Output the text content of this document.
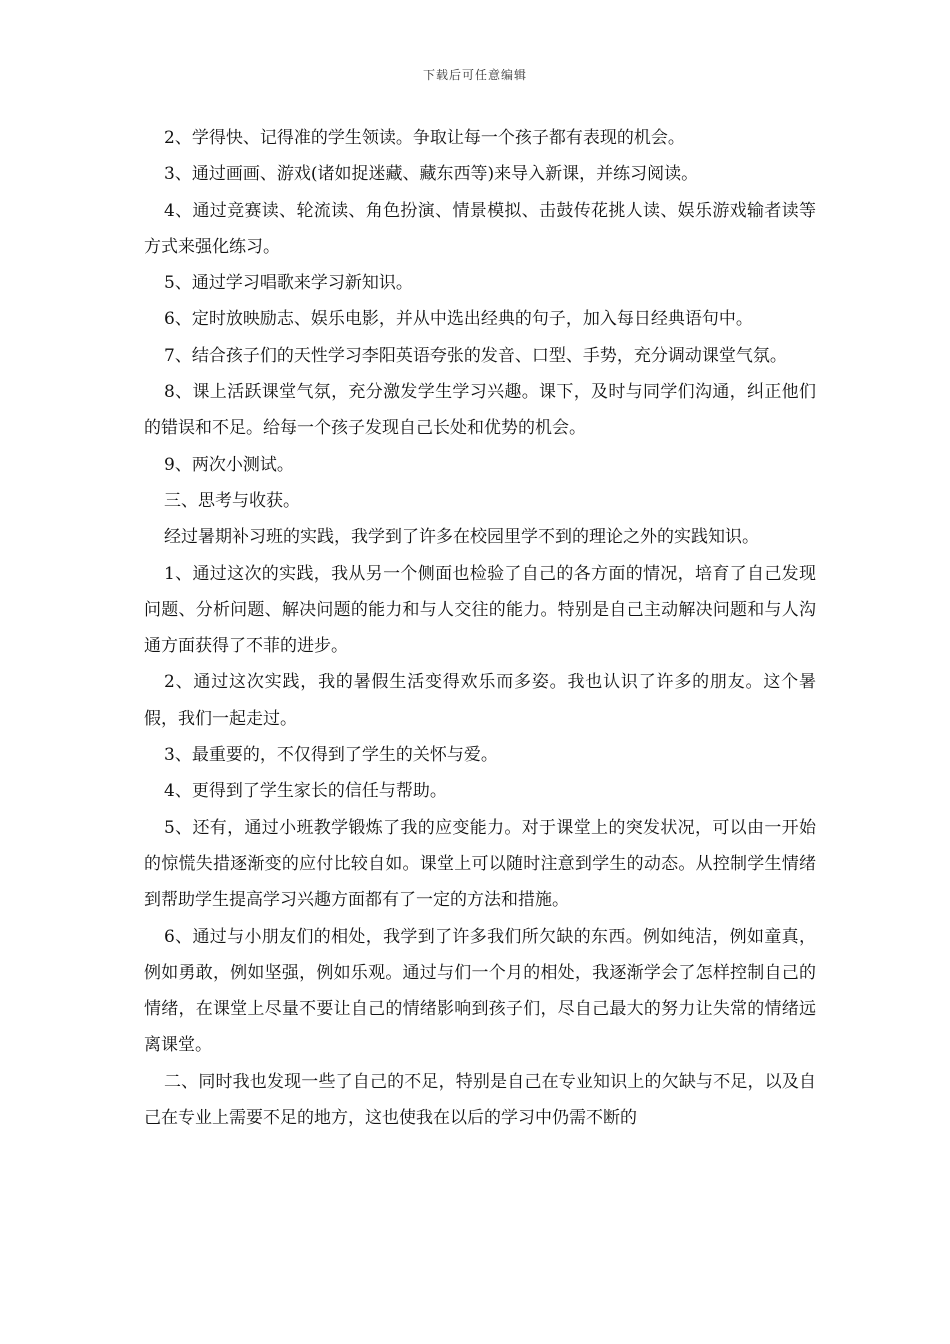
下载后可任意编辑

2、学得快、记得准的学生领读。争取让每一个孩子都有表现的机会。

3、通过画画、游戏(诸如捉迷藏、藏东西等)来导入新课，并练习阅读。

4、通过竞赛读、轮流读、角色扮演、情景模拟、击鼓传花挑人读、娱乐游戏输者读等方式来强化练习。

5、通过学习唱歌来学习新知识。

6、定时放映励志、娱乐电影，并从中选出经典的句子，加入每日经典语句中。

7、结合孩子们的天性学习李阳英语夸张的发音、口型、手势，充分调动课堂气氛。

8、课上活跃课堂气氛，充分激发学生学习兴趣。课下，及时与同学们沟通，纠正他们的错误和不足。给每一个孩子发现自己长处和优势的机会。

9、两次小测试。

三、思考与收获。

经过暑期补习班的实践，我学到了许多在校园里学不到的理论之外的实践知识。

1、通过这次的实践，我从另一个侧面也检验了自己的各方面的情况，培育了自己发现问题、分析问题、解决问题的能力和与人交往的能力。特别是自己主动解决问题和与人沟通方面获得了不菲的进步。

2、通过这次实践，我的暑假生活变得欢乐而多姿。我也认识了许多的朋友。这个暑假，我们一起走过。

3、最重要的，不仅得到了学生的关怀与爱。

4、更得到了学生家长的信任与帮助。

5、还有，通过小班教学锻炼了我的应变能力。对于课堂上的突发状况，可以由一开始的惊慌失措逐渐变的应付比较自如。课堂上可以随时注意到学生的动态。从控制学生情绪到帮助学生提高学习兴趣方面都有了一定的方法和措施。

6、通过与小朋友们的相处，我学到了许多我们所欠缺的东西。例如纯洁，例如童真，例如勇敢，例如坚强，例如乐观。通过与们一个月的相处，我逐渐学会了怎样控制自己的情绪，在课堂上尽量不要让自己的情绪影响到孩子们，尽自己最大的努力让失常的情绪远离课堂。

二、同时我也发现一些了自己的不足，特别是自己在专业知识上的欠缺与不足，以及自己在专业上需要不足的地方，这也使我在以后的学习中仍需不断的
